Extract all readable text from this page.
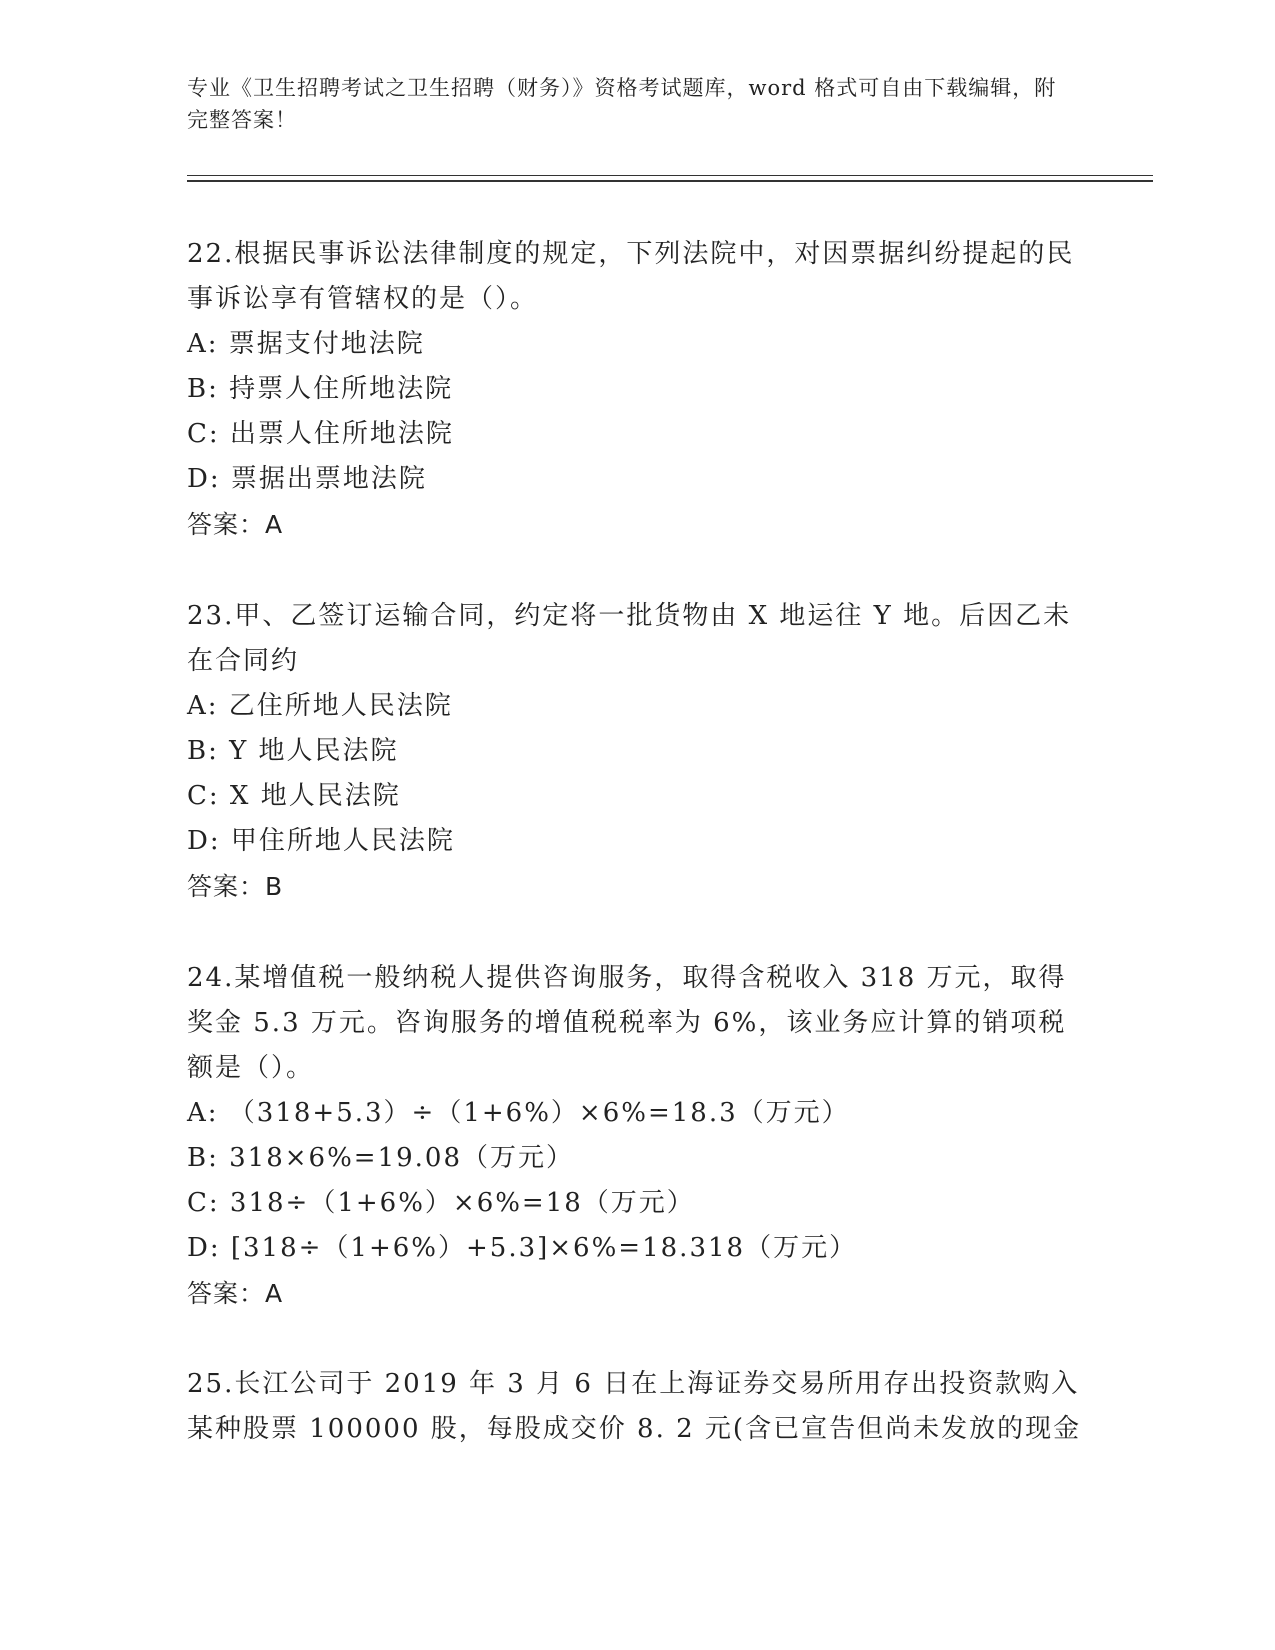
专业《卫生招聘考试之卫生招聘（财务）》资格考试题库，word 格式可自由下载编辑，附完整答案！
22.根据民事诉讼法律制度的规定，下列法院中，对因票据纠纷提起的民事诉讼享有管辖权的是（）。
A: 票据支付地法院
B: 持票人住所地法院
C: 出票人住所地法院
D: 票据出票地法院
答案：A
23.甲、乙签订运输合同，约定将一批货物由 X 地运往 Y 地。后因乙未在合同约
A: 乙住所地人民法院
B: Y 地人民法院
C: X 地人民法院
D: 甲住所地人民法院
答案：B
24.某增值税一般纳税人提供咨询服务，取得含税收入 318 万元，取得奖金 5.3 万元。咨询服务的增值税税率为 6%，该业务应计算的销项税额是（）。
A: （318+5.3）÷（1+6%）×6%=18.3（万元）
B: 318×6%=19.08（万元）
C: 318÷（1+6%）×6%=18（万元）
D: [318÷（1+6%）+5.3]×6%=18.318（万元）
答案：A
25.长江公司于 2019 年 3 月 6 日在上海证券交易所用存出投资款购入某种股票 100000 股，每股成交价 8. 2 元(含已宣告但尚未发放的现金
